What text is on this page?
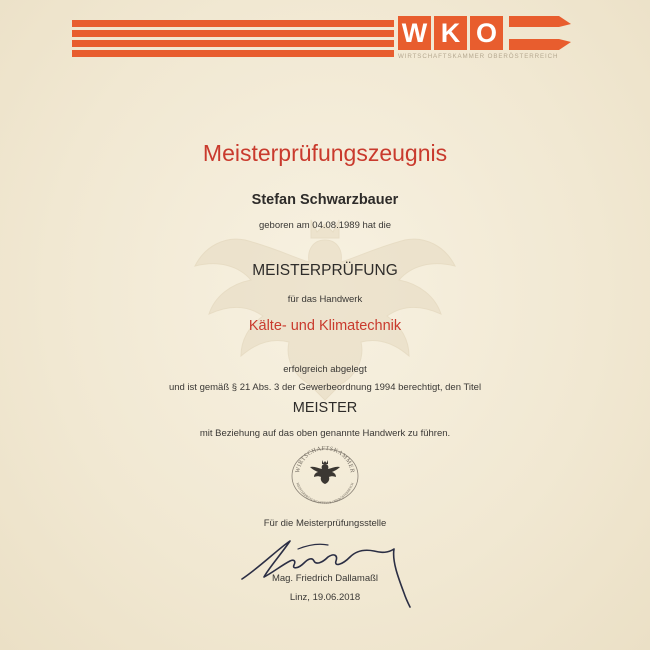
W K O
WIRTSCHAFTSKAMMER OBERÖSTERREICH
Meisterprüfungszeugnis
Stefan Schwarzbauer
geboren am 04.08.1989 hat die
MEISTERPRÜFUNG
für das Handwerk
Kälte- und Klimatechnik
erfolgreich abgelegt
und ist gemäß § 21 Abs. 3 der Gewerbeordnung 1994 berechtigt, den Titel
MEISTER
mit Beziehung auf das oben genannte Handwerk zu führen.
WIRTSCHAFTSKAMMER
MEISTERPRÜFUNGSSTELLE OBERÖSTERREICH
Für die Meisterprüfungsstelle
Mag. Friedrich Dallamaßl
Linz, 19.06.2018
